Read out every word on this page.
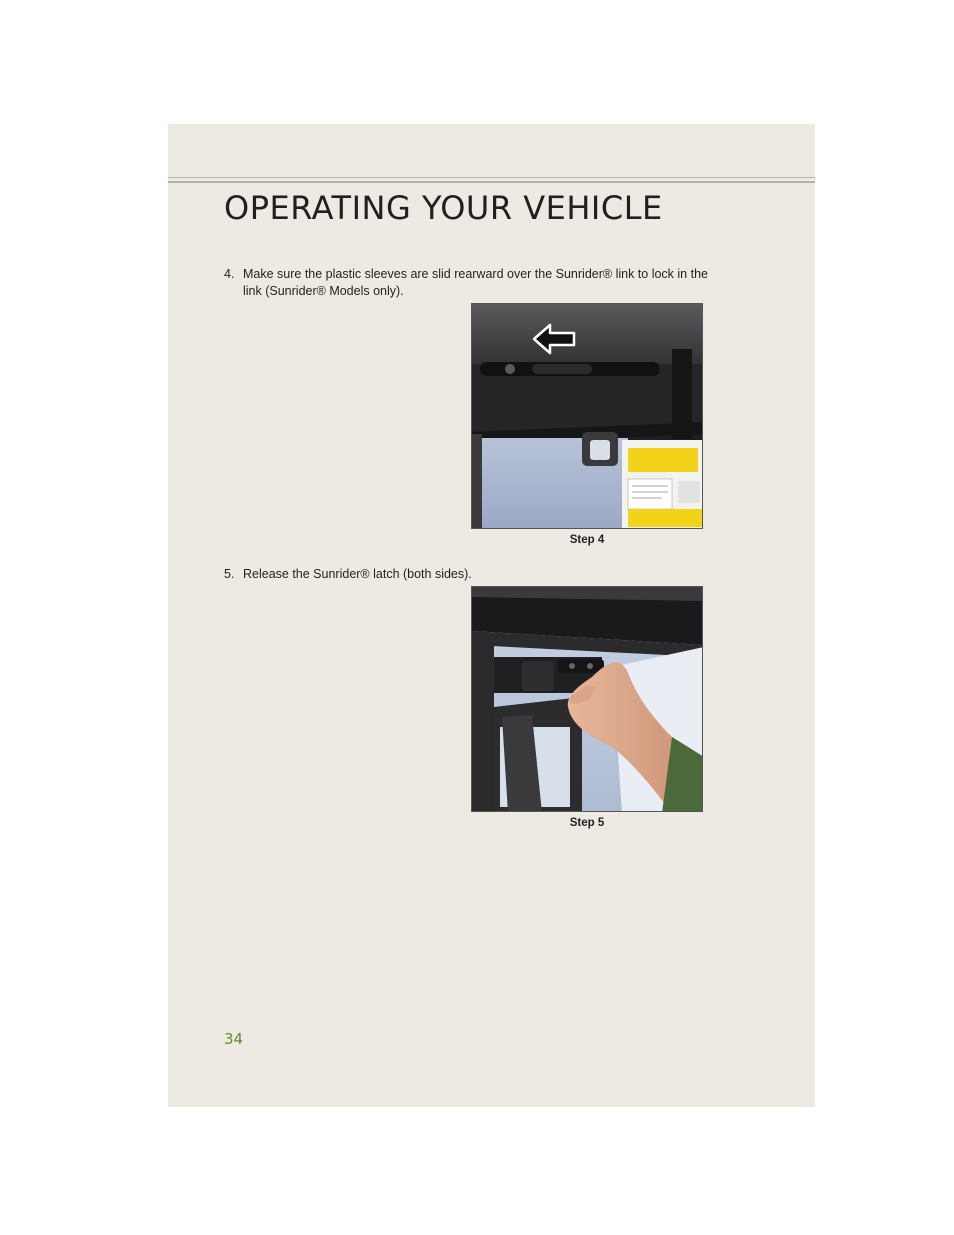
OPERATING YOUR VEHICLE
4. Make sure the plastic sleeves are slid rearward over the Sunrider® link to lock in the link (Sunrider® Models only).
Step 4
5. Release the Sunrider® latch (both sides).
Step 5
34
